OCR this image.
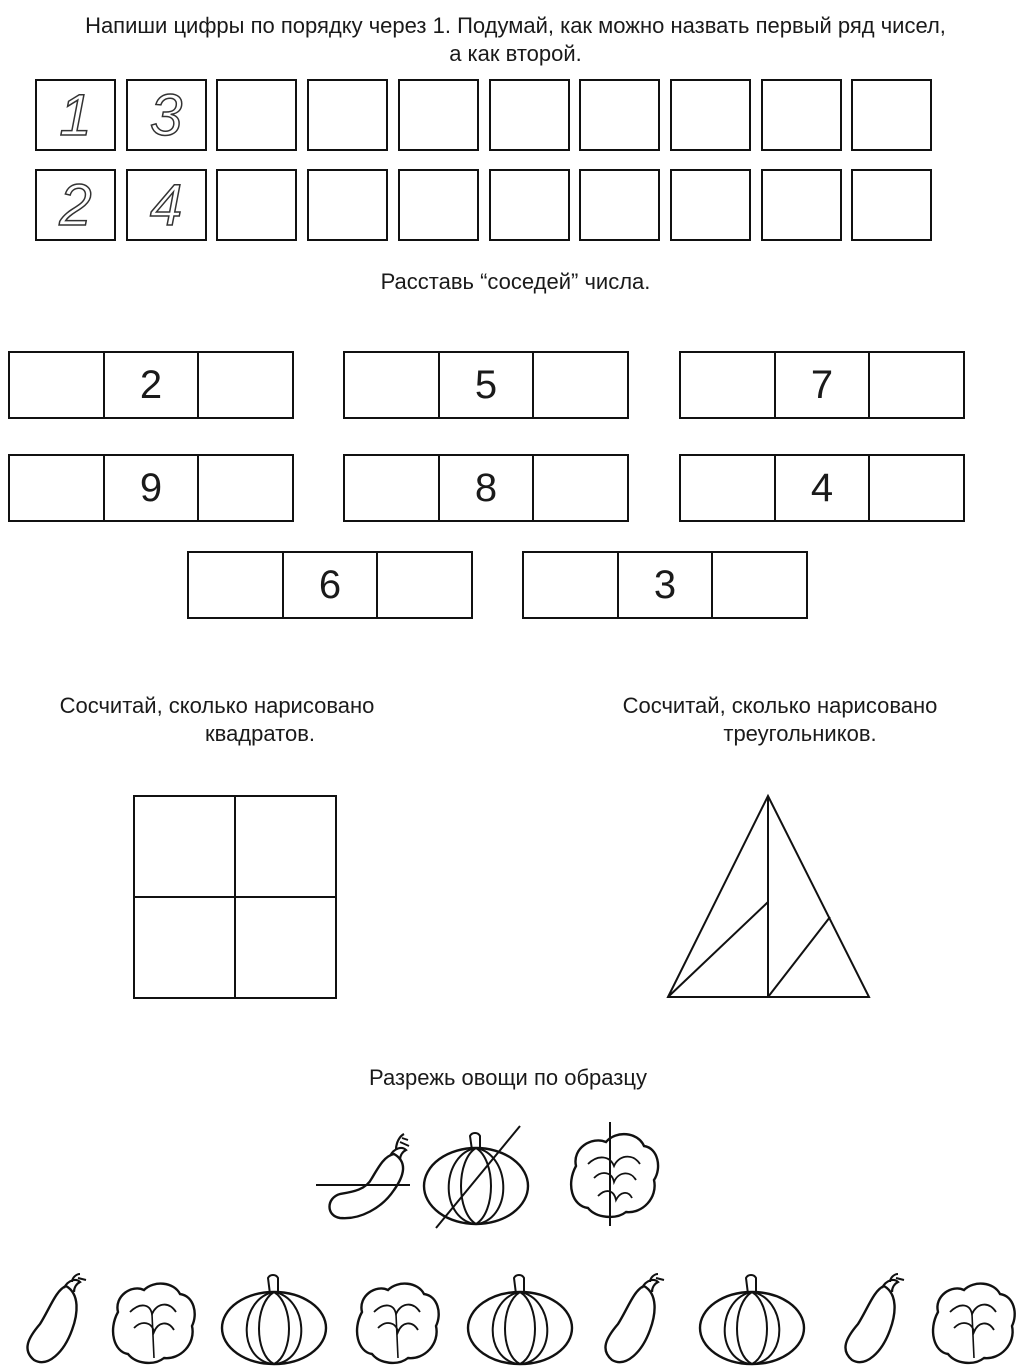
Напиши цифры по порядку через 1. Подумай, как можно назвать первый ряд чисел,
а как второй.
1	3
2	4
Расставь “соседей” числа.
2	5	7
9	8	4
6	3
Сосчитай, сколько нарисовано
квадратов.
Сосчитай, сколько нарисовано
треугольников.
Разрежь овощи по образцу
